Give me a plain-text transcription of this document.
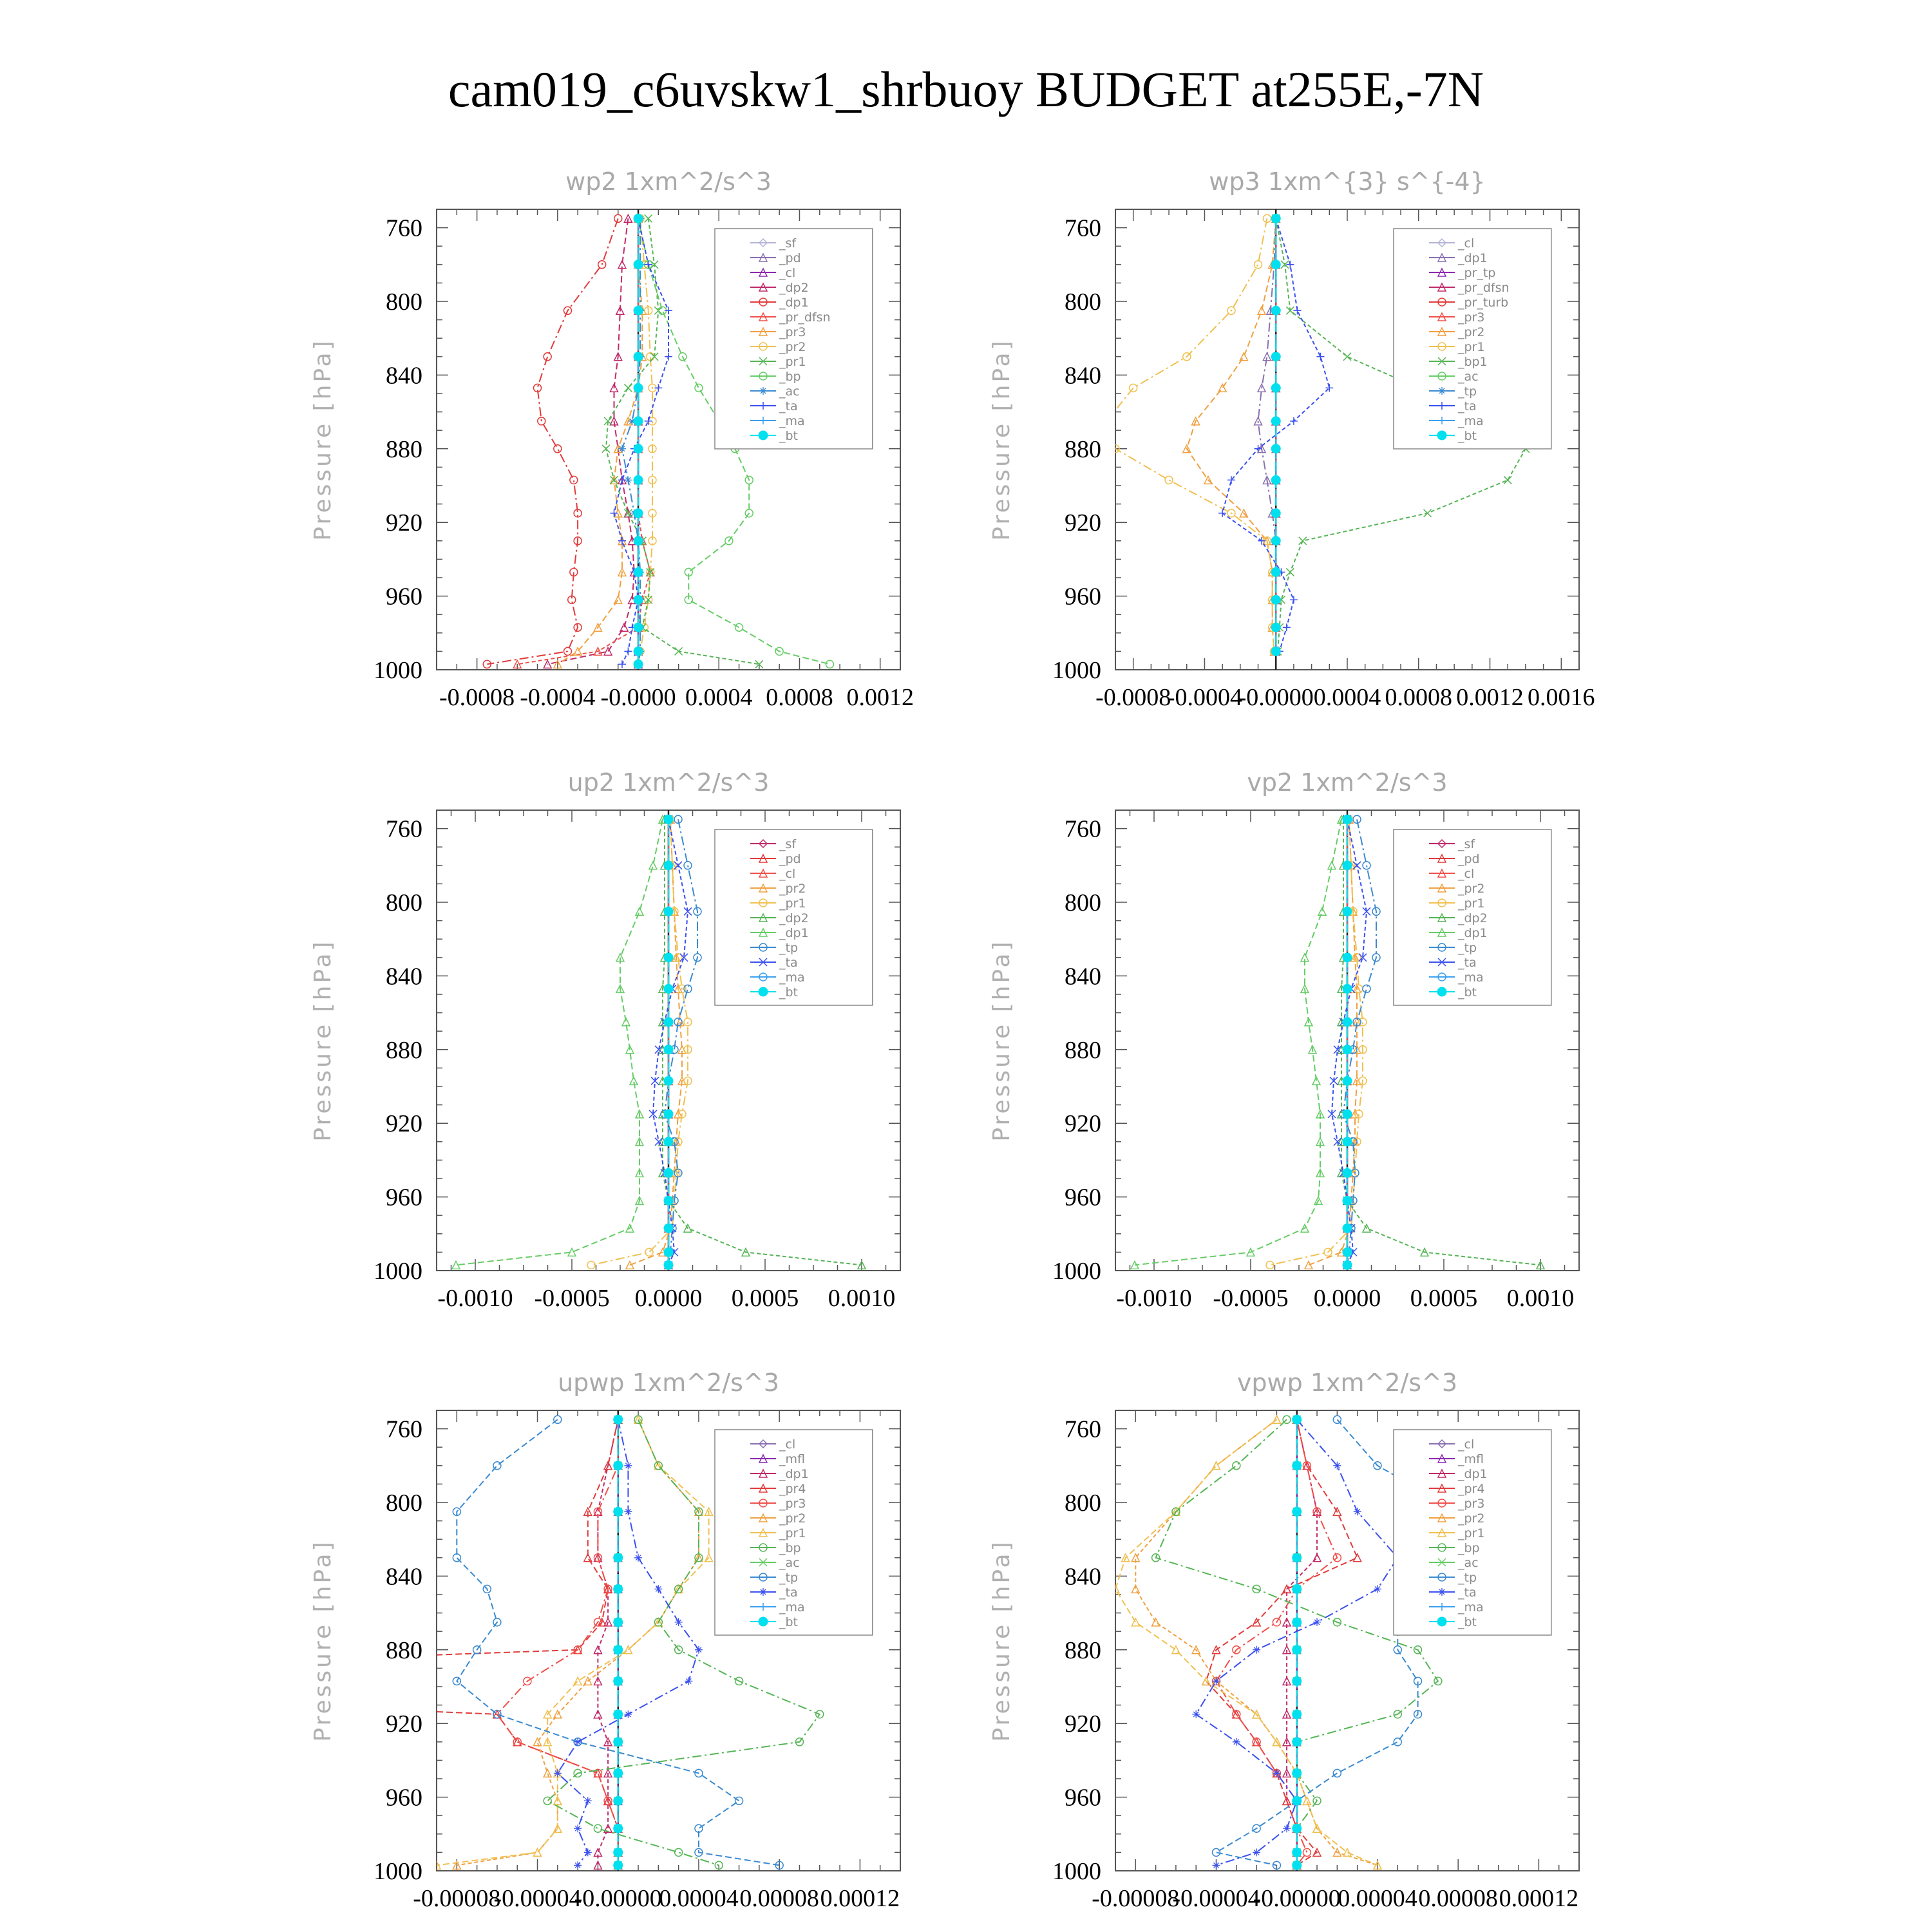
cam019_c6uvskw1_shrbuoy BUDGET at255E,-7N
wp2 1xm^2/s^3
Pressure [hPa]
760
800
840
880
920
960
1000
-0.0008 -0.0004 -0.0000 0.0004 0.0008 0.0012
_sf
_pd
_cl
_dp2
_dp1
_pr_dfsn
_pr3
_pr2
_pr1
_bp
_ac
_ta
_ma
_bt
wp3 1xm^{3} s^{-4}
Pressure [hPa]
760
800
840
880
920
960
1000
-0.0008
-0.0004
-0.0000 0.0004 0.0008 0.0012 0.0016
_cl
_dp1
_pr_tp
_pr_dfsn
_pr_turb
_pr3
_pr2
_pr1
_bp1
_ac
_tp
_ta
_ma
_bt
up2 1xm^2/s^3
Pressure [hPa]
760
800
840
880
920
960
1000
-0.0010 -0.0005 0.0000 0.0005 0.0010
_sf
_pd
_cl
_pr2
_pr1
_dp2
_dp1
_tp
_ta
_ma
_bt
vp2 1xm^2/s^3
Pressure [hPa]
760
800
840
880
920
960
1000
-0.0010 -0.0005 0.0000 0.0005 0.0010
_sf
_pd
_cl
_pr2
_pr1
_dp2
_dp1
_tp
_ta
_ma
_bt
upwp 1xm^2/s^3
Pressure [hPa]
760
800
840
880
920
960
1000
-0.00008
-0.00004
-0.00000
0.00004 0.00008 0.00012
_cl
_mfl
_dp1
_pr4
_pr3
_pr2
_pr1
_bp
_ac
_tp
_ta
_ma
_bt
vpwp 1xm^2/s^3
Pressure [hPa]
760
800
840
880
920
960
1000
-0.00008
-0.00004
-0.00000
0.00004 0.00008 0.00012
_cl
_mfl
_dp1
_pr4
_pr3
_pr2
_pr1
_bp
_ac
_tp
_ta
_ma
_bt
